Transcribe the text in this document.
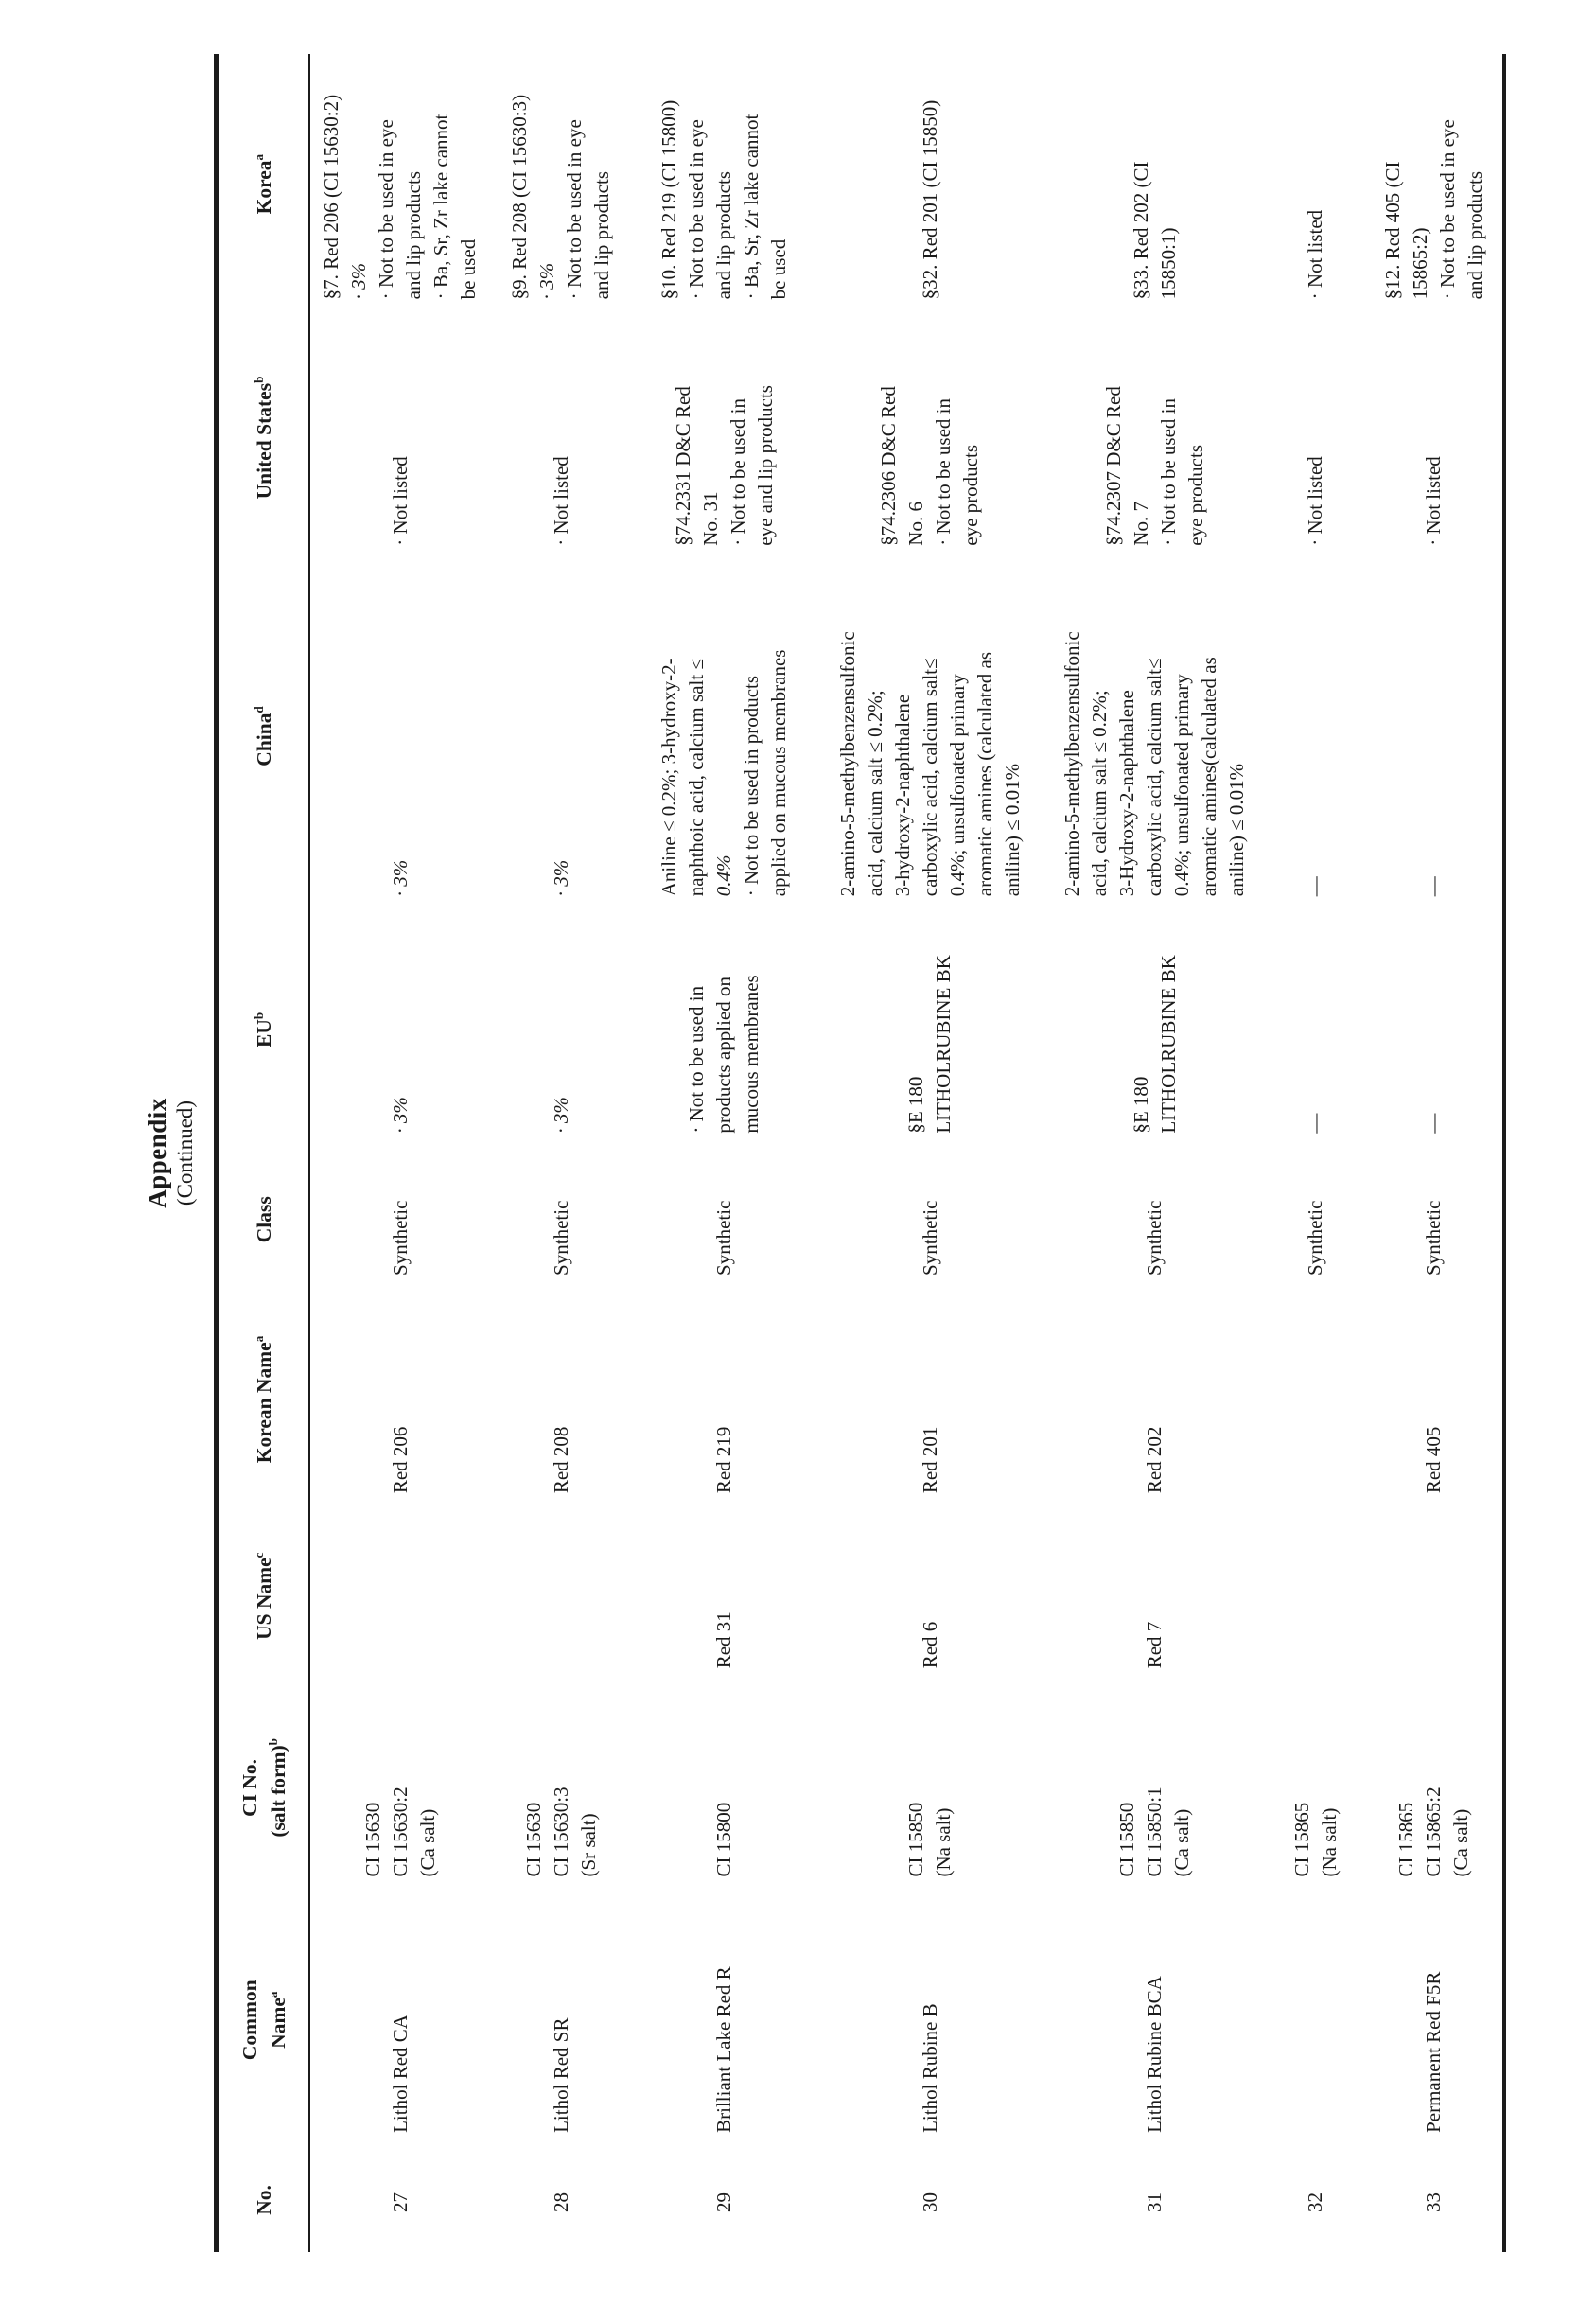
Appendix (Continued)
No.
Common Name$^a$
CI No. (salt form)$^b$
US Name$^c$
Korean Name$^a$
Class
$EU^b$
China$^d$
United States$^b$
Korea$^a$
27
Lithol Red CA
CI 15630 CI 15630:2 (Ca salt)
Red 206
Synthetic
· 3%
· 3%
· Not listed
§7. Red 206 (CI 15630:2) · 3% · Not to be used in eye and lip products · Ba, Sr, Zr lake cannot be used
28
Lithol Red SR
CI 15630 CI 15630:3 (Sr salt)
Red 208
Synthetic
· 3%
· 3%
· Not listed
§9. Red 208 (CI 15630:3) · 3% · Not to be used in eye and lip products
29
Brilliant Lake Red R
CI 15800
Red 31
Red 219
Synthetic
· Not to be used in products applied on mucous membranes
Aniline ≤ 0.2%; 3-hydroxy-2- naphthoic acid, calcium salt ≤ 0.4% · Not to be used in products applied on mucous membranes
§74.2331 D&C Red No. 31 · Not to be used in eye and lip products
§10. Red 219 (CI 15800) · Not to be used in eye and lip products · Ba, Sr, Zr lake cannot be used
30
Lithol Rubine B
CI 15850 (Na salt)
Red 6
Red 201
Synthetic
§E 180 LITHOLRUBINE BK
2-amino-5-methylbenzensulfonic acid, calcium salt ≤ 0.2%; 3-hydroxy-2-naphthalene carboxylic acid, calcium salt≤ 0.4%; unsulfonated primary aromatic amines (calculated as aniline) ≤ 0.01%
§74.2306 D&C Red No. 6 · Not to be used in eye products
§32. Red 201 (CI 15850)
31
Lithol Rubine BCA
CI 15850 CI 15850:1 (Ca salt)
Red 7
Red 202
Synthetic
§E 180 LITHOLRUBINE BK
2-amino-5-methylbenzensulfonic acid, calcium salt ≤ 0.2%; 3-Hydroxy-2-naphthalene carboxylic acid, calcium salt≤ 0.4%; unsulfonated primary aromatic amines(calculated as aniline) ≤ 0.01%
§74.2307 D&C Red No. 7 · Not to be used in eye products
§33. Red 202 (CI 15850:1)
32
CI 15865 (Na salt)
Synthetic
—
—
· Not listed
· Not listed
33
Permanent Red F5R
CI 15865 CI 15865:2 (Ca salt)
Red 405
Synthetic
—
—
· Not listed
§12. Red 405 (CI 15865:2) · Not to be used in eye and lip products
